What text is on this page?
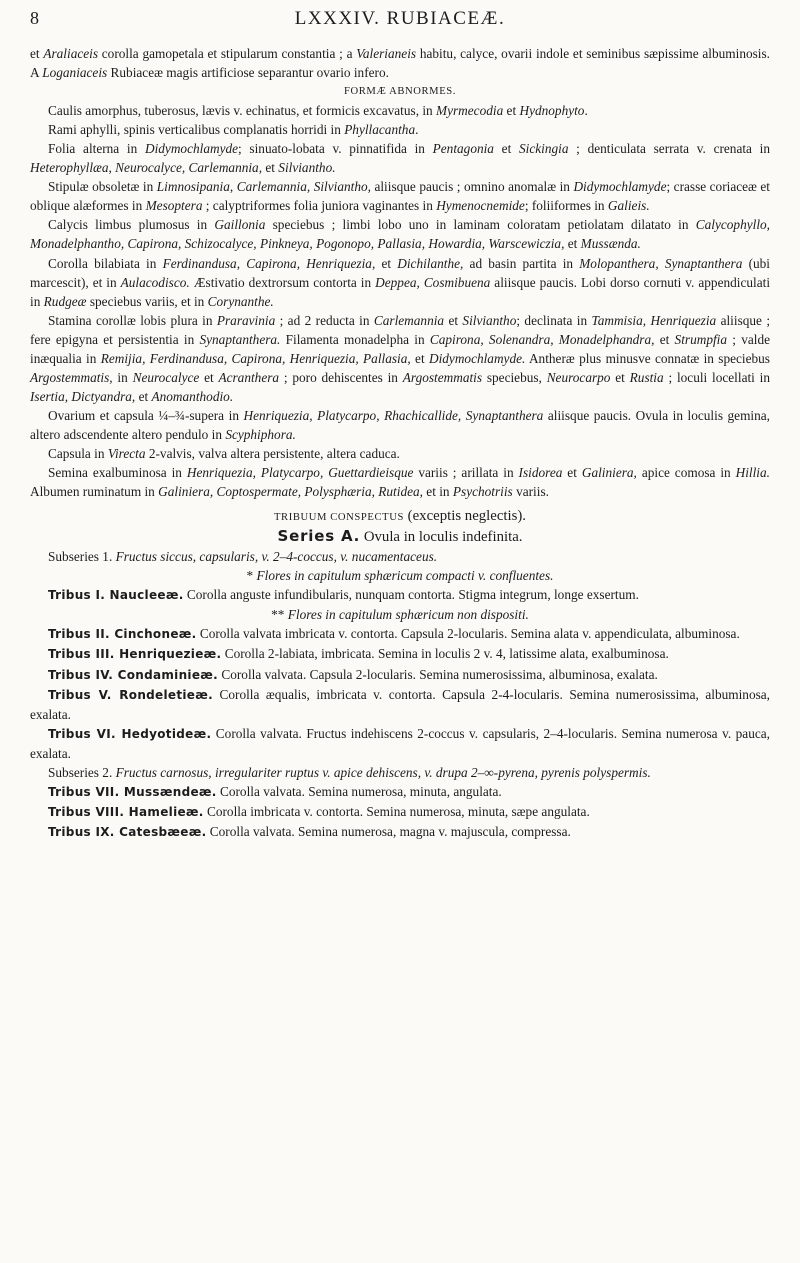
8	LXXXIV. RUBIACEÆ.

et Araliaceis corolla gamopetala et stipularum constantia ; a Valerianeis habitu, calyce, ovarii indole et seminibus sæpissime albuminosis. A Loganiaceis Rubiaceæ magis artificiose separantur ovario infero.

FORMÆ ABNORMES.

Caulis amorphus, tuberosus, lævis v. echinatus, et formicis excavatus, in Myrmecodia et Hydnophyto.

Rami aphylli, spinis verticalibus complanatis horridi in Phyllacantha.

Folia alterna in Didymochlamyde; sinuato-lobata v. pinnatifida in Pentagonia et Sickingia ; denticulata serrata v. crenata in Heterophyllæa, Neurocalyce, Carlemannia, et Silviantho.

Stipulæ obsoletæ in Limnosipania, Carlemannia, Silviantho, aliisque paucis ; omnino anomalæ in Didymochlamyde; crasse coriaceæ et oblique alæformes in Mesoptera ; calyptriformes folia juniora vaginantes in Hymenocnemide; foliiformes in Galieis.

Calycis limbus plumosus in Gaillonia speciebus ; limbi lobo uno in laminam coloratam petiolatam dilatato in Calycophyllo, Monadelphantho, Capirona, Schizocalyce, Pinkneya, Pogonopo, Pallasia, Howardia, Warscewiczia, et Mussænda.

Corolla bilabiata in Ferdinandusa, Capirona, Henriquezia, et Dichilanthe, ad basin partita in Molopanthera, Synaptanthera (ubi marcescit), et in Aulacodisco. Æstivatio dextrorsum contorta in Deppea, Cosmibuena aliisque paucis. Lobi dorso cornuti v. appendiculati in Rudgeæ speciebus variis, et in Corynanthe.

Stamina corollæ lobis plura in Praravinia ; ad 2 reducta in Carlemannia et Silviantho; declinata in Tammisia, Henriquezia aliisque ; fere epigyna et persistentia in Synaptanthera. Filamenta monadelpha in Capirona, Solenandra, Monadelphandra, et Strumpfia ; valde inæqualia in Remijia, Ferdinandusa, Capirona, Henriquezia, Pallasia, et Didymochlamyde. Antheræ plus minusve connatæ in speciebus Argostemmatis, in Neurocalyce et Acranthera ; poro dehiscentes in Argostemmatis speciebus, Neurocarpo et Rustia ; loculi locellati in Isertia, Dictyandra, et Anomanthodio.

Ovarium et capsula ¼–¾-supera in Henriquezia, Platycarpo, Rhachicallide, Synaptanthera aliisque paucis. Ovula in loculis gemina, altero adscendente altero pendulo in Scyphiphora.

Capsula in Virecta 2-valvis, valva altera persistente, altera caduca.

Semina exalbuminosa in Henriquezia, Platycarpo, Guettardieisque variis ; arillata in Isidorea et Galiniera, apice comosa in Hillia. Albumen ruminatum in Galiniera, Coptospermate, Polysphæria, Rutidea, et in Psychotriis variis.

TRIBUUM CONSPECTUS (exceptis neglectis).

Series A. Ovula in loculis indefinita.

Subseries 1. Fructus siccus, capsularis, v. 2–4-coccus, v. nucamentaceus.

* Flores in capitulum sphæricum compacti v. confluentes.

Tribus I. Naucleeæ. Corolla anguste infundibularis, nunquam contorta. Stigma integrum, longe exsertum.

** Flores in capitulum sphæricum non dispositi.

Tribus II. Cinchoneæ. Corolla valvata imbricata v. contorta. Capsula 2-locularis. Semina alata v. appendiculata, albuminosa.

Tribus III. Henriquezieæ. Corolla 2-labiata, imbricata. Semina in loculis 2 v. 4, latissime alata, exalbuminosa.

Tribus IV. Condaminieæ. Corolla valvata. Capsula 2-locularis. Semina numerosissima, albuminosa, exalata.

Tribus V. Rondeletieæ. Corolla æqualis, imbricata v. contorta. Capsula 2-4-locularis. Semina numerosissima, albuminosa, exalata.

Tribus VI. Hedyotideæ. Corolla valvata. Fructus indehiscens 2-coccus v. capsularis, 2–4-locularis. Semina numerosa v. pauca, exalata.

Subseries 2. Fructus carnosus, irregulariter ruptus v. apice dehiscens, v. drupa 2–∞-pyrena, pyrenis polyspermis.

Tribus VII. Mussændeæ. Corolla valvata. Semina numerosa, minuta, angulata.

Tribus VIII. Hamelieæ. Corolla imbricata v. contorta. Semina numerosa, minuta, sæpe angulata.

Tribus IX. Catesbæeæ. Corolla valvata. Semina numerosa, magna v. majuscula, compressa.
